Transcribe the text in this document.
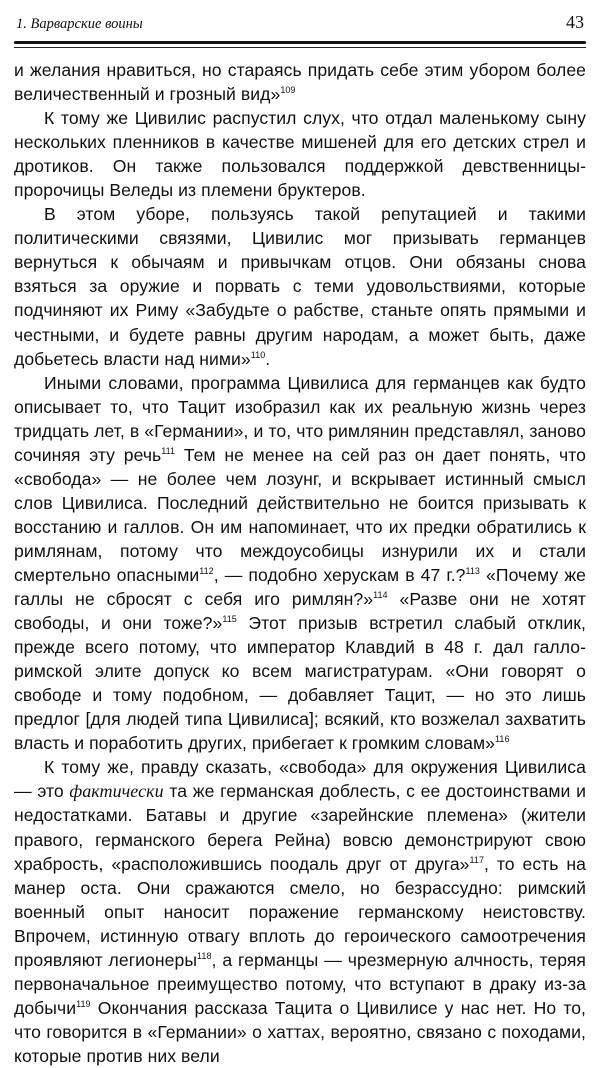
1. Варварские воины	43

и желания нравиться, но стараясь придать себе этим убором более величественный и грозный вид»$^{109}$

К тому же Цивилис распустил слух, что отдал маленькому сыну нескольких пленников в качестве мишеней для его детских стрел и дротиков. Он также пользовался поддержкой девственницы-пророчицы Веледы из племени бруктеров.

В этом уборе, пользуясь такой репутацией и такими политическими связями, Цивилис мог призывать германцев вернуться к обычаям и привычкам отцов. Они обязаны снова взяться за оружие и порвать с теми удовольствиями, которые подчиняют их Риму «Забудьте о рабстве, станьте опять прямыми и честными, и будете равны другим народам, а может быть, даже добьетесь власти над ними»$^{110}$.

Иными словами, программа Цивилиса для германцев как будто описывает то, что Тацит изобразил как их реальную жизнь через тридцать лет, в «Германии», и то, что римлянин представлял, заново сочиняя эту речь$^{111}$ Тем не менее на сей раз он дает понять, что «свобода» — не более чем лозунг, и вскрывает истинный смысл слов Цивилиса. Последний действительно не боится призывать к восстанию и галлов. Он им напоминает, что их предки обратились к римлянам, потому что междоусобицы изнурили их и стали смертельно опасными$^{112}$, — подобно херускам в 47 г.?$^{113}$ «Почему же галлы не сбросят с себя иго римлян?»$^{114}$ «Разве они не хотят свободы, и они тоже?»$^{115}$ Этот призыв встретил слабый отклик, прежде всего потому, что император Клавдий в 48 г. дал галло-римской элите допуск ко всем магистратурам. «Они говорят о свободе и тому подобном, — добавляет Тацит, — но это лишь предлог [для людей типа Цивилиса]; всякий, кто возжелал захватить власть и поработить других, прибегает к громким словам»$^{116}$

К тому же, правду сказать, «свобода» для окружения Цивилиса — это фактически та же германская доблесть, с ее достоинствами и недостатками. Батавы и другие «зарейнские племена» (жители правого, германского берега Рейна) вовсю демонстрируют свою храбрость, «расположившись поодаль друг от друга»$^{117}$, то есть на манер оста. Они сражаются смело, но безрассудно: римский военный опыт наносит поражение германскому неистовству. Впрочем, истинную отвагу вплоть до героического самоотречения проявляют легионеры$^{118}$, а германцы — чрезмерную алчность, теряя первоначальное преимущество потому, что вступают в драку из-за добычи$^{119}$ Окончания рассказа Тацита о Цивилисе у нас нет. Но то, что говорится в «Германии» о хаттах, вероятно, связано с походами, которые против них вели
